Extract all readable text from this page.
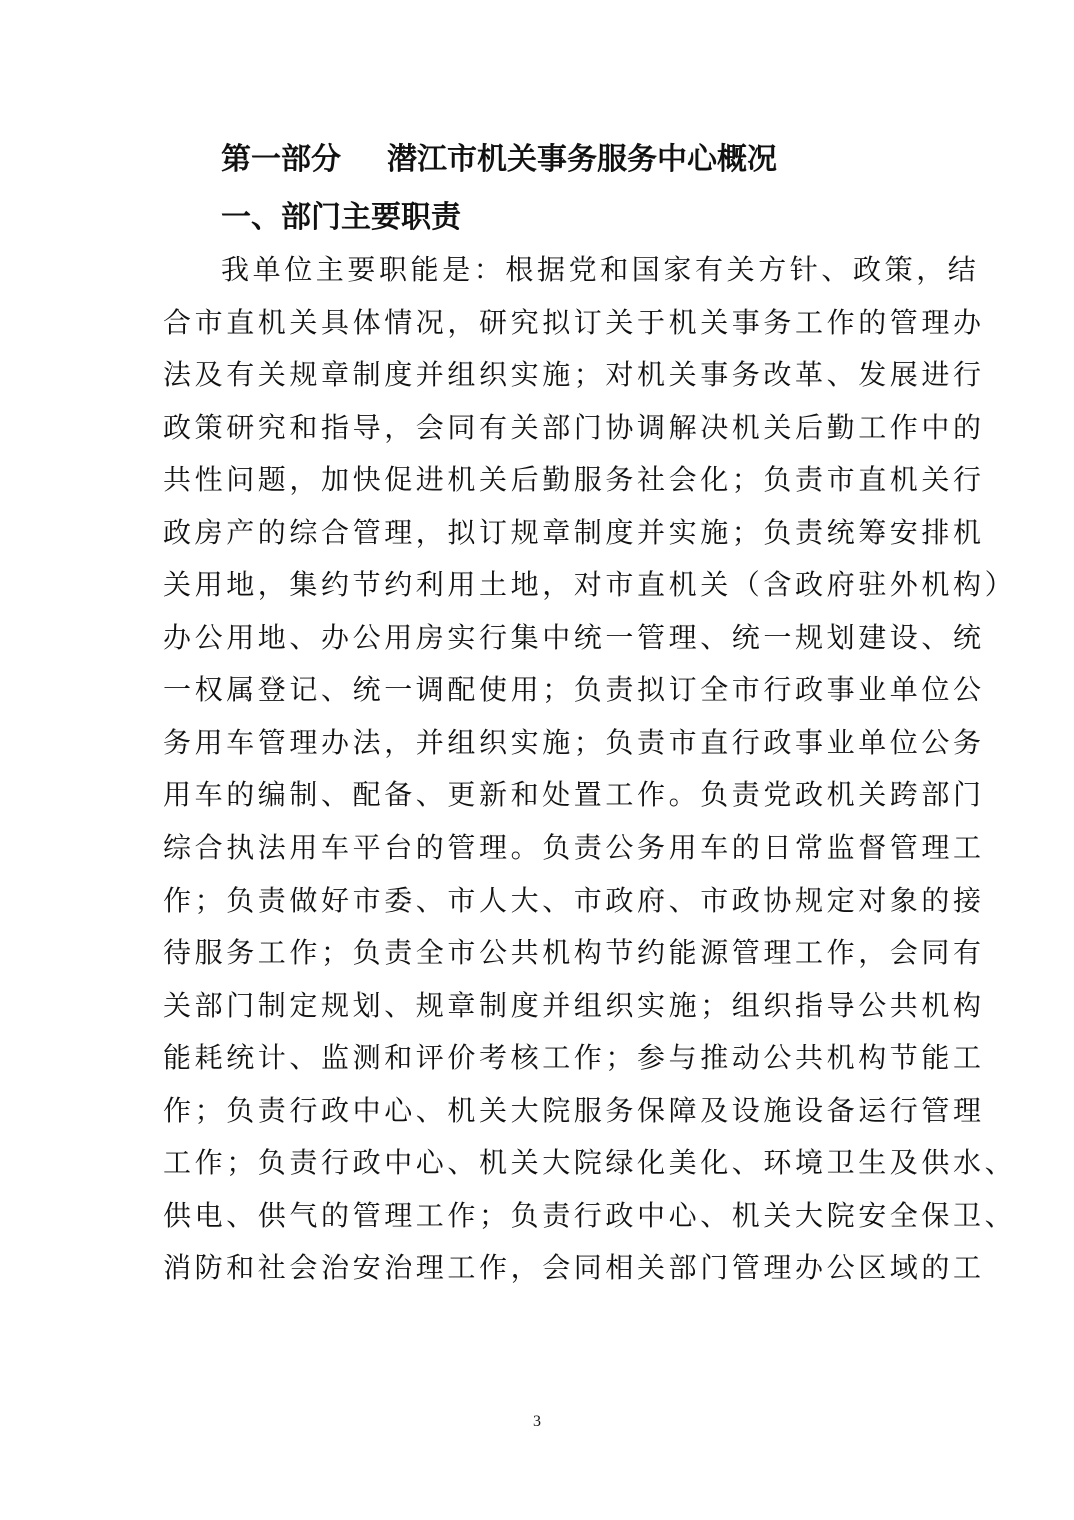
第一部分 潜江市机关事务服务中心概况
一、部门主要职责
我单位主要职能是：根据党和国家有关方针、政策，结
合市直机关具体情况，研究拟订关于机关事务工作的管理办
法及有关规章制度并组织实施；对机关事务改革、发展进行
政策研究和指导，会同有关部门协调解决机关后勤工作中的
共性问题，加快促进机关后勤服务社会化；负责市直机关行
政房产的综合管理，拟订规章制度并实施；负责统筹安排机
关用地，集约节约利用土地，对市直机关（含政府驻外机构）
办公用地、办公用房实行集中统一管理、统一规划建设、统
一权属登记、统一调配使用；负责拟订全市行政事业单位公
务用车管理办法，并组织实施；负责市直行政事业单位公务
用车的编制、配备、更新和处置工作。负责党政机关跨部门
综合执法用车平台的管理。负责公务用车的日常监督管理工
作；负责做好市委、市人大、市政府、市政协规定对象的接
待服务工作；负责全市公共机构节约能源管理工作，会同有
关部门制定规划、规章制度并组织实施；组织指导公共机构
能耗统计、监测和评价考核工作；参与推动公共机构节能工
作；负责行政中心、机关大院服务保障及设施设备运行管理
工作；负责行政中心、机关大院绿化美化、环境卫生及供水、
供电、供气的管理工作；负责行政中心、机关大院安全保卫、
消防和社会治安治理工作，会同相关部门管理办公区域的工
3
